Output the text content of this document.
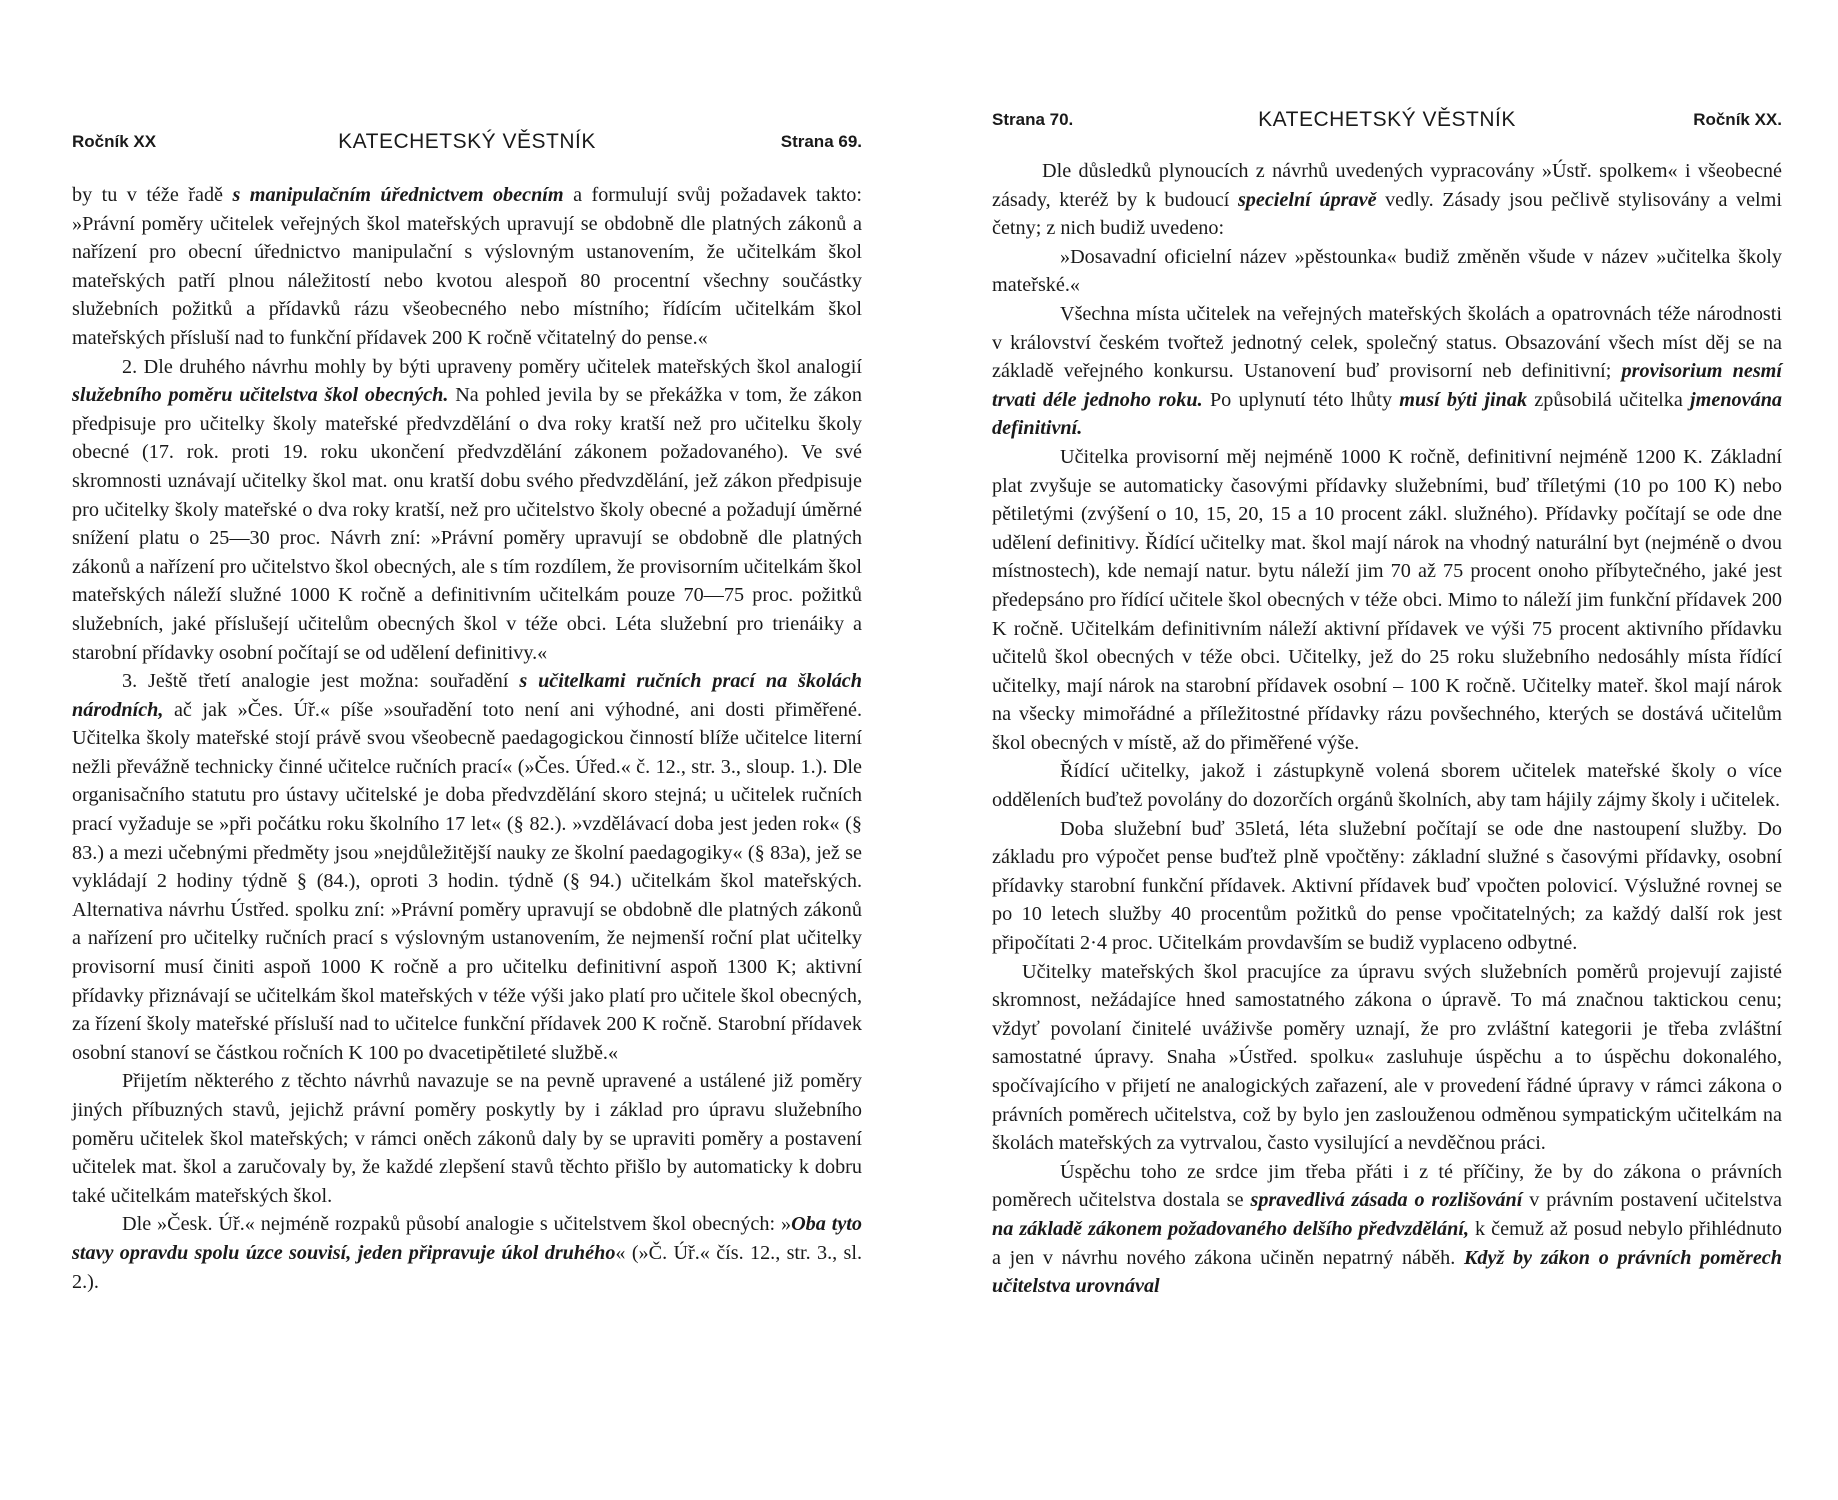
Ročník XX	KATECHETSKÝ VĚSTNÍK	Strana 69.

by tu v téže řadě s manipulačním úřednictvem obecním a formulují svůj požadavek takto: »Právní poměry učitelek veřejných škol mateřských upravují se obdobně dle platných zákonů a nařízení pro obecní úřednictvo manipulační s výslovným ustanovením, že učitelkám škol mateřských patří plnou náležitostí nebo kvotou alespoň 80 procentní všechny součástky služebních požitků a přídavků rázu všeobecného nebo místního; řídícím učitelkám škol mateřských přísluší nad to funkční přídavek 200 K ročně včitatelný do pense.«

2. Dle druhého návrhu mohly by býti upraveny poměry učitelek mateřských škol analogií služebního poměru učitelstva škol obecných. Na pohled jevila by se překážka v tom, že zákon předpisuje pro učitelky školy mateřské předvzdělání o dva roky kratší než pro učitelku školy obecné (17. rok. proti 19. roku ukončení předvzdělání zákonem požadovaného). Ve své skromnosti uznávají učitelky škol mat. onu kratší dobu svého předvzdělání, jež zákon předpisuje pro učitelky školy mateřské o dva roky kratší, než pro učitelstvo školy obecné a požadují úměrné snížení platu o 25—30 proc. Návrh zní: »Právní poměry upravují se obdobně dle platných zákonů a nařízení pro učitelstvo škol obecných, ale s tím rozdílem, že provisorním učitelkám škol mateřských náleží služné 1000 K ročně a definitivním učitelkám pouze 70—75 proc. požitků služebních, jaké příslušejí učitelům obecných škol v téže obci. Léta služební pro trienáiky a starobní přídavky osobní počítají se od udělení definitivy.«

3. Ještě třetí analogie jest možna: souřadění s učitelkami ručních prací na školách národních, ač jak »Čes. Úř.« píše »souřadění toto není ani výhodné, ani dosti přiměřené. Učitelka školy mateřské stojí právě svou všeobecně paedagogickou činností blíže učitelce literní nežli převážně technicky činné učitelce ručních prací« (»Čes. Úřed.« č. 12., str. 3., sloup. 1.). Dle organisačního statutu pro ústavy učitelské je doba předvzdělání skoro stejná; u učitelek ručních prací vyžaduje se »při počátku roku školního 17 let« (§ 82.). »vzdělávací doba jest jeden rok« (§ 83.) a mezi učebnými předměty jsou »nejdůležitější nauky ze školní paedagogiky« (§ 83a), jež se vykládají 2 hodiny týdně § (84.), oproti 3 hodin. týdně (§ 94.) učitelkám škol mateřských. Alternativa návrhu Ústřed. spolku zní: »Právní poměry upravují se obdobně dle platných zákonů a nařízení pro učitelky ručních prací s výslovným ustanovením, že nejmenší roční plat učitelky provisorní musí činiti aspoň 1000 K ročně a pro učitelku definitivní aspoň 1300 K; aktivní přídavky přiznávají se učitelkám škol mateřských v téže výši jako platí pro učitele škol obecných, za řízení školy mateřské přísluší nad to učitelce funkční přídavek 200 K ročně. Starobní přídavek osobní stanoví se částkou ročních K 100 po dvacetipětileté službě.«

Přijetím některého z těchto návrhů navazuje se na pevně upravené a ustálené již poměry jiných příbuzných stavů, jejichž právní poměry poskytly by i základ pro úpravu služebního poměru učitelek škol mateřských; v rámci oněch zákonů daly by se upraviti poměry a postavení učitelek mat. škol a zaručovaly by, že každé zlepšení stavů těchto přišlo by automaticky k dobru také učitelkám mateřských škol.

Dle »Česk. Úř.« nejméně rozpaků působí analogie s učitelstvem škol obecných: »Oba tyto stavy opravdu spolu úzce souvisí, jeden připravuje úkol druhého« (»Č. Úř.« čís. 12., str. 3., sl. 2.).

Strana 70.	KATECHETSKÝ VĚSTNÍK	Ročník XX.

Dle důsledků plynoucích z návrhů uvedených vypracovány »Ústř. spolkem« i všeobecné zásady, kteréž by k budoucí specielní úpravě vedly. Zásady jsou pečlivě stylisovány a velmi četny; z nich budiž uvedeno:

»Dosavadní oficielní název »pěstounka« budiž změněn všude v název »učitelka školy mateřské.«

Všechna místa učitelek na veřejných mateřských školách a opatrovnách téže národnosti v království českém tvořtež jednotný celek, společný status. Obsazování všech míst děj se na základě veřejného konkursu. Ustanovení buď provisorní neb definitivní; provisorium nesmí trvati déle jednoho roku. Po uplynutí této lhůty musí býti jinak způsobilá učitelka jmenována definitivní.

Učitelka provisorní měj nejméně 1000 K ročně, definitivní nejméně 1200 K. Základní plat zvyšuje se automaticky časovými přídavky služebními, buď tříletými (10 po 100 K) nebo pětiletými (zvýšení o 10, 15, 20, 15 a 10 procent zákl. služného). Přídavky počítají se ode dne udělení definitivy. Řídící učitelky mat. škol mají nárok na vhodný naturální byt (nejméně o dvou místnostech), kde nemají natur. bytu náleží jim 70 až 75 procent onoho příbytečného, jaké jest předepsáno pro řídící učitele škol obecných v téže obci. Mimo to náleží jim funkční přídavek 200 K ročně. Učitelkám definitivním náleží aktivní přídavek ve výši 75 procent aktivního přídavku učitelů škol obecných v téže obci. Učitelky, jež do 25 roku služebního nedosáhly místa řídící učitelky, mají nárok na starobní přídavek osobní – 100 K ročně. Učitelky mateř. škol mají nárok na všecky mimořádné a příležitostné přídavky rázu povšechného, kterých se dostává učitelům škol obecných v místě, až do přiměřené výše.

Řídící učitelky, jakož i zástupkyně volená sborem učitelek mateřské školy o více odděleních buďtež povolány do dozorčích orgánů školních, aby tam hájily zájmy školy i učitelek.

Doba služební buď 35letá, léta služební počítají se ode dne nastoupení služby. Do základu pro výpočet pense buďtež plně vpočtěny: základní služné s časovými přídavky, osobní přídavky starobní funkční přídavek. Aktivní přídavek buď vpočten polovicí. Výslužné rovnej se po 10 letech služby 40 procentům požitků do pense vpočitatelných; za každý další rok jest připočítati 2·4 proc. Učitelkám provdavším se budiž vyplaceno odbytné.

Učitelky mateřských škol pracujíce za úpravu svých služebních poměrů projevují zajisté skromnost, nežádajíce hned samostatného zákona o úpravě. To má značnou taktickou cenu; vždyť povolaní činitelé uváživše poměry uznají, že pro zvláštní kategorii je třeba zvláštní samostatné úpravy. Snaha »Ústřed. spolku« zasluhuje úspěchu a to úspěchu dokonalého, spočívajícího v přijetí ne analogických zařazení, ale v provedení řádné úpravy v rámci zákona o právních poměrech učitelstva, což by bylo jen zaslouženou odměnou sympatickým učitelkám na školách mateřských za vytrvalou, často vysilující a nevděčnou práci.

Úspěchu toho ze srdce jim třeba přáti i z té příčiny, že by do zákona o právních poměrech učitelstva dostala se spravedlivá zásada o rozlišování v právním postavení učitelstva na základě zákonem požadovaného delšího předvzdělání, k čemuž až posud nebylo přihlédnuto a jen v návrhu nového zákona učiněn nepatrný náběh. Když by zákon o právních poměrech učitelstva urovnával
